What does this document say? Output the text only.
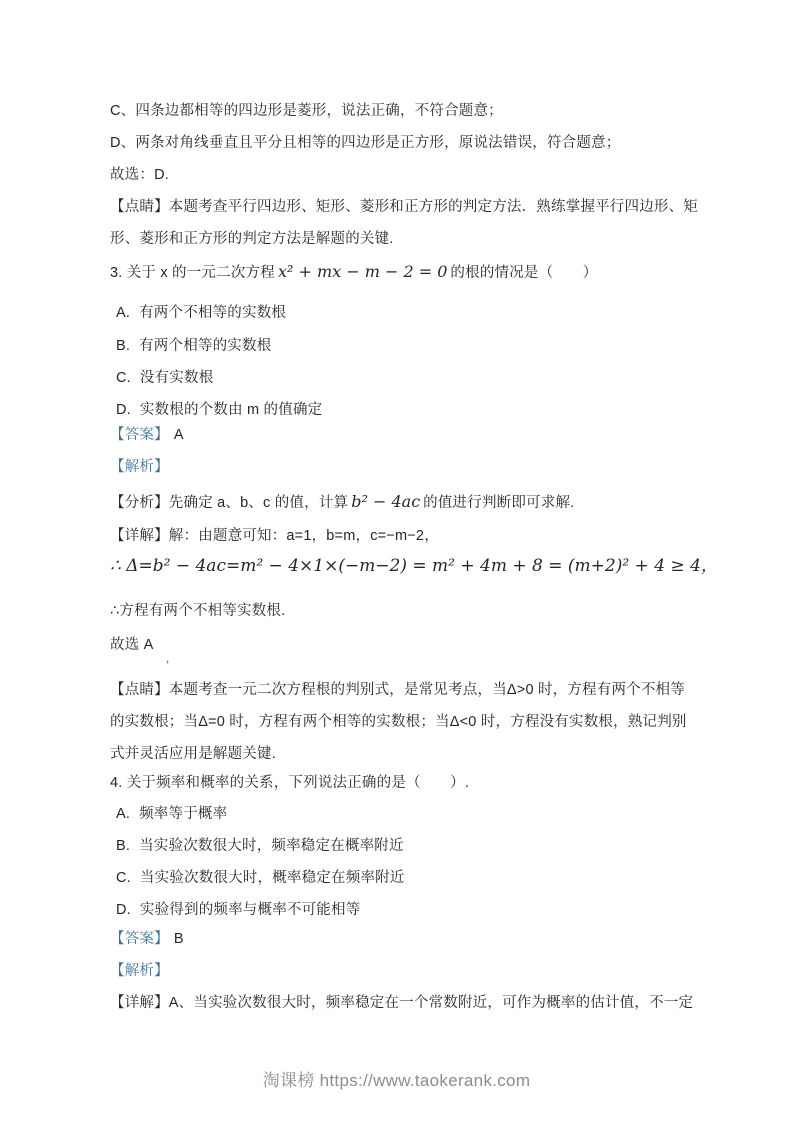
C、四条边都相等的四边形是菱形，说法正确，不符合题意；
D、两条对角线垂直且平分且相等的四边形是正方形，原说法错误，符合题意；
故选：D.
【点睛】本题考查平行四边形、矩形、菱形和正方形的判定方法．熟练掌握平行四边形、矩
形、菱形和正方形的判定方法是解题的关键.
3. 关于 x 的一元二次方程 x² + mx − m − 2 = 0 的根的情况是（　　）
A. 有两个不相等的实数根
B. 有两个相等的实数根
C. 没有实数根
D. 实数根的个数由 m 的值确定
【答案】 A
【解析】
【分析】先确定 a、b、c 的值，计算 b² − 4ac 的值进行判断即可求解.
【详解】解：由题意可知：a=1，b=m，c=−m−2，
∴ Δ=b² − 4ac=m² − 4×1×(−m−2) = m² + 4m + 8 = (m+2)² + 4 ≥ 4，
∴方程有两个不相等实数根.
故选 A
，
【点睛】本题考查一元二次方程根的判别式，是常见考点，当Δ>0 时，方程有两个不相等
的实数根；当Δ=0 时，方程有两个相等的实数根；当Δ<0 时，方程没有实数根，熟记判别
式并灵活应用是解题关键.
4. 关于频率和概率的关系，下列说法正确的是（　　）.
A. 频率等于概率
B. 当实验次数很大时，频率稳定在概率附近
C. 当实验次数很大时，概率稳定在频率附近
D. 实验得到的频率与概率不可能相等
【答案】 B
【解析】
【详解】A、当实验次数很大时，频率稳定在一个常数附近，可作为概率的估计值，不一定
淘课榜 https://www.taokerank.com
